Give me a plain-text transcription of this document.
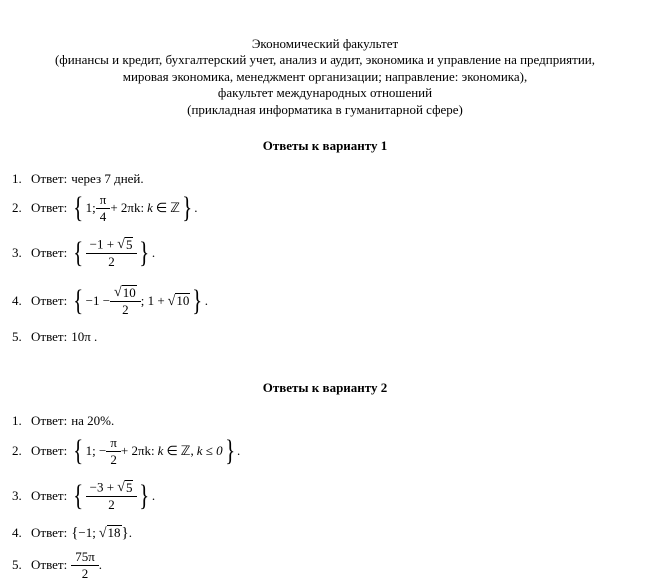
Экономический факультет
(финансы и кредит, бухгалтерский учет, анализ и аудит, экономика и управление на предприятии,
мировая экономика, менеджмент организации; направление: экономика),
факультет международных отношений
(прикладная информатика в гуманитарной сфере)
Ответы к варианту 1
1. Ответ: через 7 дней.
2. Ответ: { 1; $\frac{\pi}{4} + 2\pi k$: k ∈ ℤ } .
3. Ответ: { $\frac{-1 + √ 5}{2}$ } .
4. Ответ: { $-1 - \frac{√ 10}{2}$ ; 1 + √ 10 } .
5. Ответ: 10π .
Ответы к варианту 2
1. Ответ: на 20%.
2. Ответ: { 1; − $\frac{\pi}{2} + 2\pi k$: k ∈ ℤ, k ≤ 0 } .
3. Ответ: { $\frac{-3 + √ 5}{2}$ } .
4. Ответ: { −1; √ 18 } .
5. Ответ: $\frac{75\pi}{2}$ .
